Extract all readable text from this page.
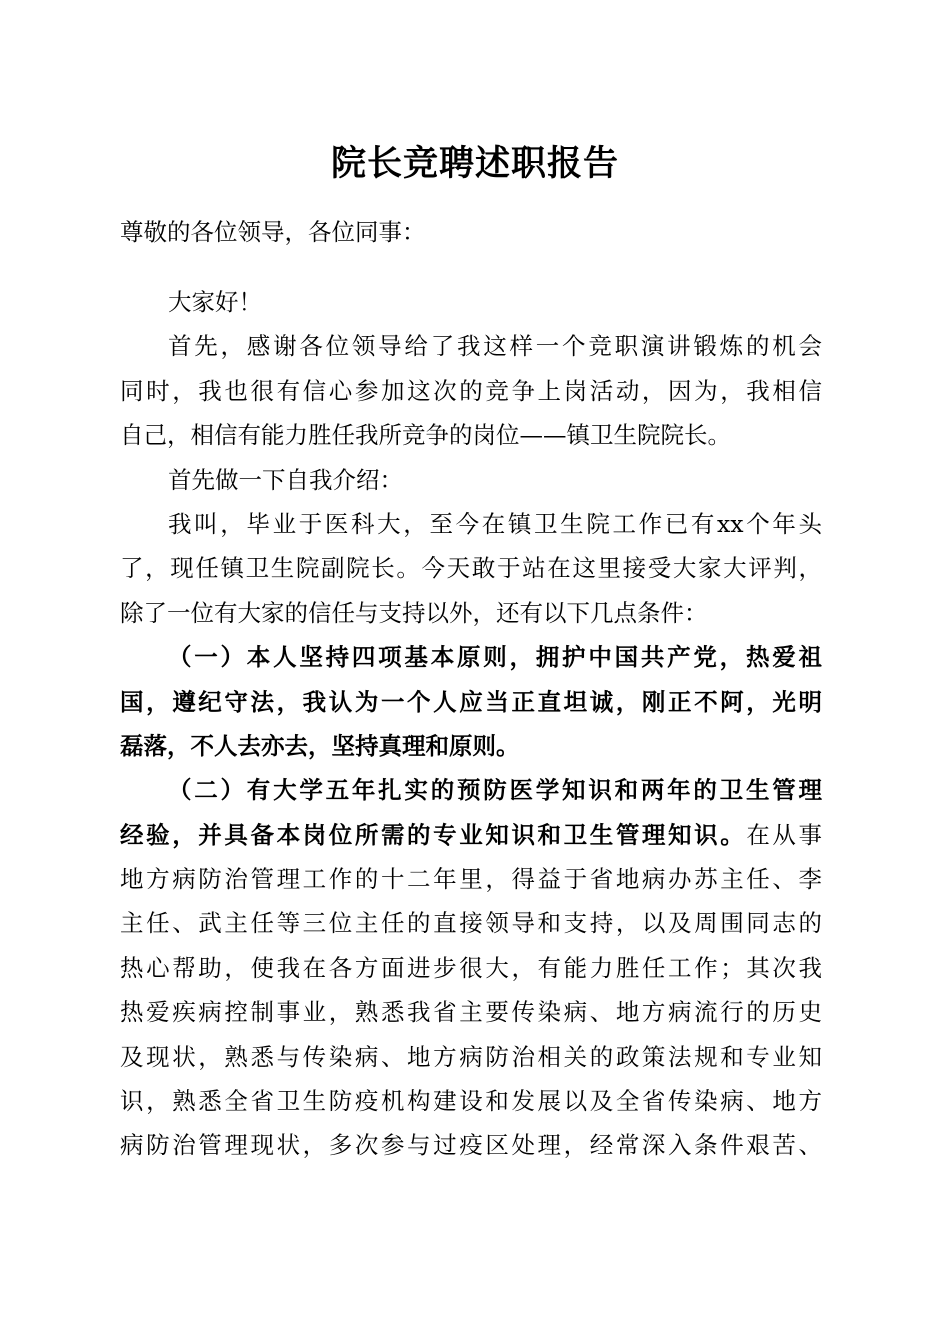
院长竞聘述职报告
尊敬的各位领导，各位同事：
大家好！
首先，感谢各位领导给了我这样一个竞职演讲锻炼的机会
同时，我也很有信心参加这次的竞争上岗活动，因为，我相信
自己，相信有能力胜任我所竞争的岗位——镇卫生院院长。
首先做一下自我介绍：
我叫，毕业于医科大，至今在镇卫生院工作已有xx个年头
了，现任镇卫生院副院长。今天敢于站在这里接受大家大评判，
除了一位有大家的信任与支持以外，还有以下几点条件：
（一）本人坚持四项基本原则，拥护中国共产党，热爱祖
国，遵纪守法，我认为一个人应当正直坦诚，刚正不阿，光明
磊落，不人去亦去，坚持真理和原则。
（二）有大学五年扎实的预防医学知识和两年的卫生管理
经验，并具备本岗位所需的专业知识和卫生管理知识。在从事
地方病防治管理工作的十二年里，得益于省地病办苏主任、李
主任、武主任等三位主任的直接领导和支持，以及周围同志的
热心帮助，使我在各方面进步很大，有能力胜任工作；其次我
热爱疾病控制事业，熟悉我省主要传染病、地方病流行的历史
及现状，熟悉与传染病、地方病防治相关的政策法规和专业知
识，熟悉全省卫生防疫机构建设和发展以及全省传染病、地方
病防治管理现状，多次参与过疫区处理，经常深入条件艰苦、
